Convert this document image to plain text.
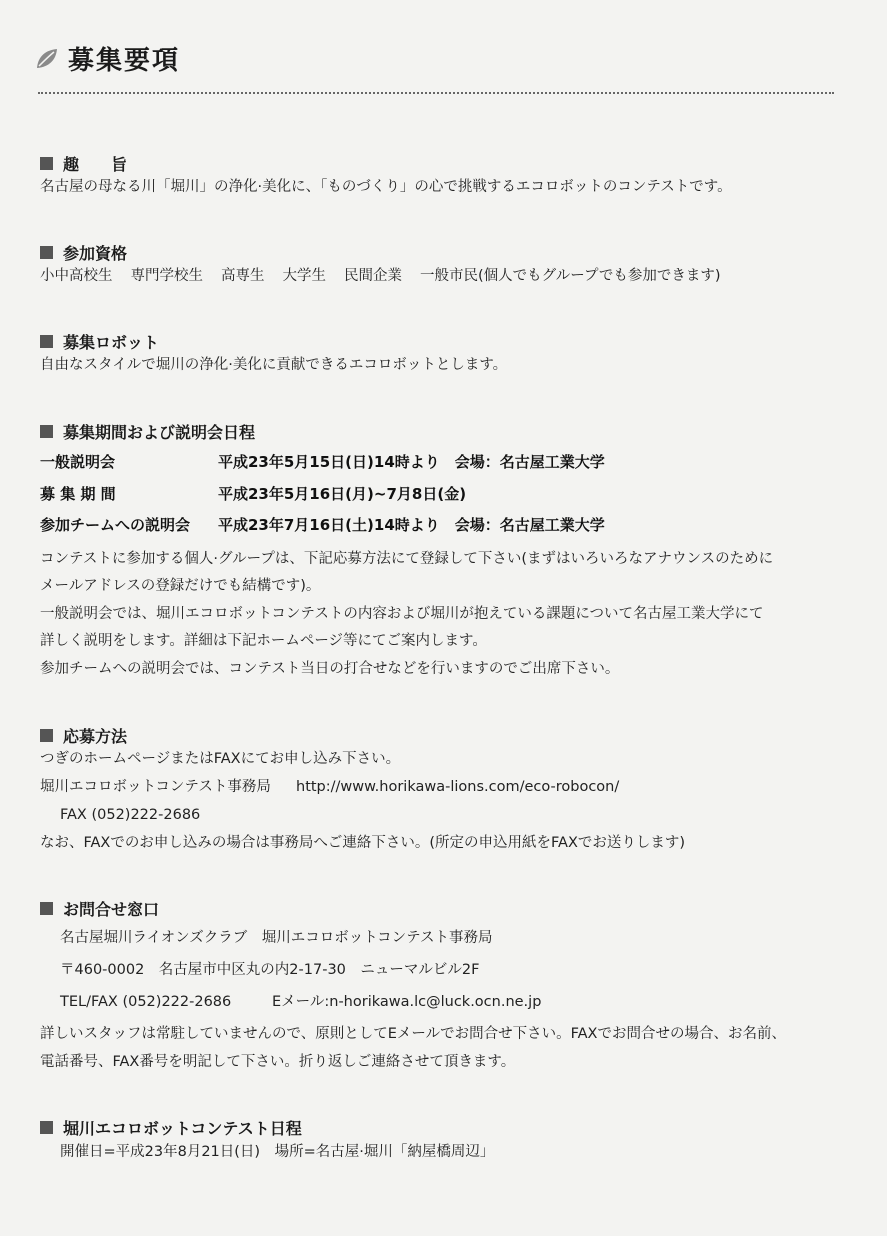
募集要項
趣　　旨
名古屋の母なる川「堀川」の浄化·美化に、「ものづくり」の心で挑戦するエコロボットのコンテストです。
参加資格
小中高校生 専門学校生 高専生 大学生 民間企業 一般市民(個人でもグループでも参加できます)
募集ロボット
自由なスタイルで堀川の浄化·美化に貢献できるエコロボットとします。
募集期間および説明会日程
一般説明会	平成23年5月15日(日)14時より　会場：名古屋工業大学
募 集 期 間	平成23年5月16日(月)~7月8日(金)
参加チームへの説明会 平成23年7月16日(土)14時より　会場：名古屋工業大学
コンテストに参加する個人·グループは、下記応募方法にて登録して下さい(まずはいろいろなアナウンスのために
メールアドレスの登録だけでも結構です)。
一般説明会では、堀川エコロボットコンテストの内容および堀川が抱えている課題について名古屋工業大学にて
詳しく説明をします。詳細は下記ホームページ等にてご案内します。
参加チームへの説明会では、コンテスト当日の打合せなどを行いますのでご出席下さい。
応募方法
つぎのホームページまたはFAXにてお申し込み下さい。
堀川エコロボットコンテスト事務局 http://www.horikawa-lions.com/eco-robocon/
FAX (052)222-2686
なお、FAXでのお申し込みの場合は事務局へご連絡下さい。(所定の申込用紙をFAXでお送りします)
お問合せ窓口
名古屋堀川ライオンズクラブ　堀川エコロボットコンテスト事務局
〒460-0002　名古屋市中区丸の内2-17-30　ニューマルビル2F
TEL/FAX (052)222-2686	Eメール:n-horikawa.lc@luck.ocn.ne.jp
詳しいスタッフは常駐していませんので、原則としてEメールでお問合せ下さい。FAXでお問合せの場合、お名前、
電話番号、FAX番号を明記して下さい。折り返しご連絡させて頂きます。
堀川エコロボットコンテスト日程
開催日=平成23年8月21日(日)　場所=名古屋·堀川「納屋橋周辺」
